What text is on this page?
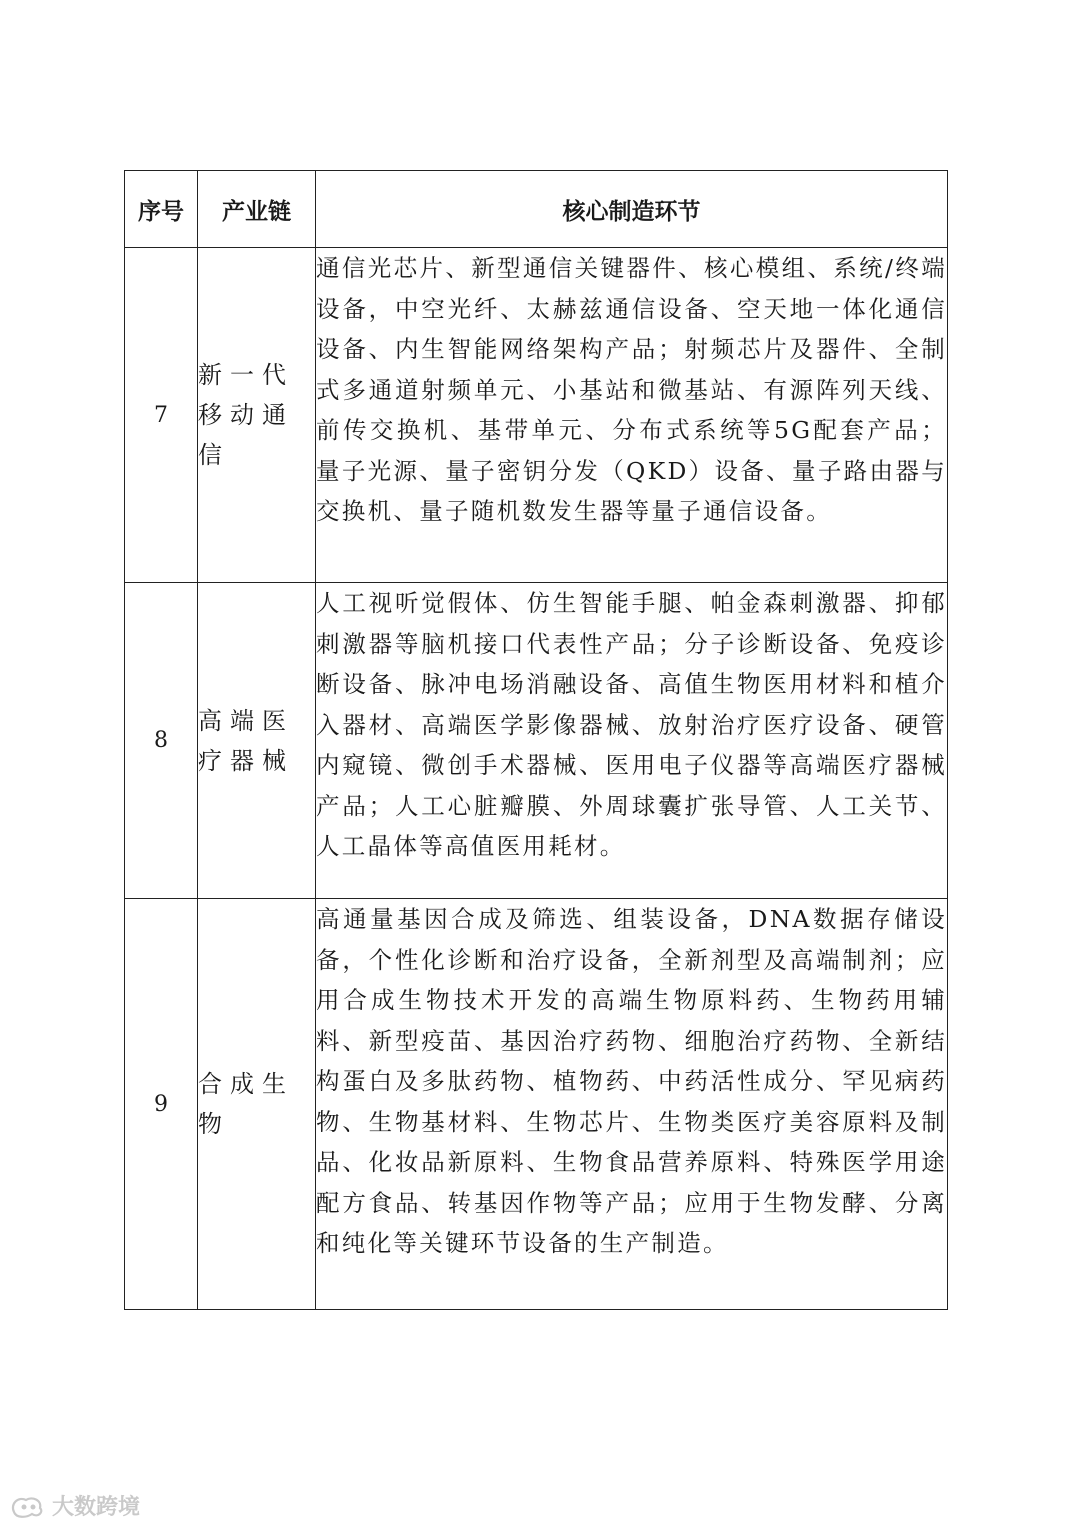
序号	产业链	核心制造环节
7	新一代移动通信	通信光芯片、新型通信关键器件、核心模组、系统/终端设备，中空光纤、太赫兹通信设备、空天地一体化通信设备、内生智能网络架构产品；射频芯片及器件、全制式多通道射频单元、小基站和微基站、有源阵列天线、前传交换机、基带单元、分布式系统等5G配套产品；量子光源、量子密钥分发（QKD）设备、量子路由器与交换机、量子随机数发生器等量子通信设备。
8	高端医疗器械	人工视听觉假体、仿生智能手腿、帕金森刺激器、抑郁刺激器等脑机接口代表性产品；分子诊断设备、免疫诊断设备、脉冲电场消融设备、高值生物医用材料和植介入器材、高端医学影像器械、放射治疗医疗设备、硬管内窥镜、微创手术器械、医用电子仪器等高端医疗器械产品；人工心脏瓣膜、外周球囊扩张导管、人工关节、人工晶体等高值医用耗材。
9	合成生物	高通量基因合成及筛选、组装设备，DNA数据存储设备，个性化诊断和治疗设备，全新剂型及高端制剂；应用合成生物技术开发的高端生物原料药、生物药用辅料、新型疫苗、基因治疗药物、细胞治疗药物、全新结构蛋白及多肽药物、植物药、中药活性成分、罕见病药物、生物基材料、生物芯片、生物类医疗美容原料及制品、化妆品新原料、生物食品营养原料、特殊医学用途配方食品、转基因作物等产品；应用于生物发酵、分离和纯化等关键环节设备的生产制造。
大数跨境
